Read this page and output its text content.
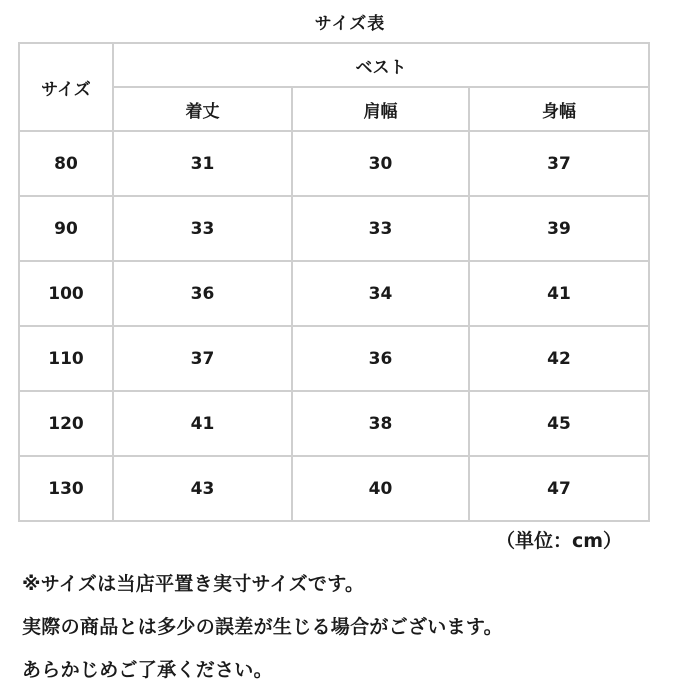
サイズ表
サイズ	ベスト		
	着丈	肩幅	身幅
80	31	30	37
90	33	33	39
100	36	34	41
110	37	36	42
120	41	38	45
130	43	40	47
（単位：cm）
※サイズは当店平置き実寸サイズです。
実際の商品とは多少の誤差が生じる場合がございます。
あらかじめご了承ください。
